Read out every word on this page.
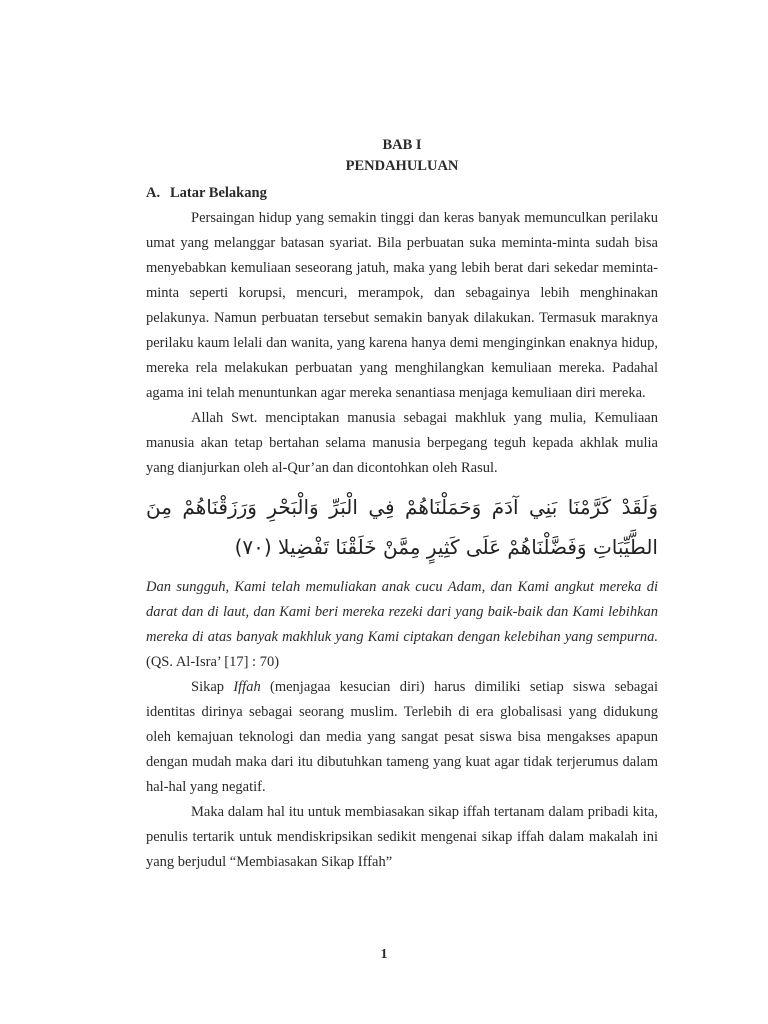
BAB I

PENDAHULUAN

A. Latar Belakang

Persaingan hidup yang semakin tinggi dan keras banyak memunculkan perilaku umat yang melanggar batasan syariat. Bila perbuatan suka meminta-minta sudah bisa menyebabkan kemuliaan seseorang jatuh, maka yang lebih berat dari sekedar meminta-minta seperti korupsi, mencuri, merampok, dan sebagainya lebih menghinakan pelakunya. Namun perbuatan tersebut semakin banyak dilakukan. Termasuk maraknya perilaku kaum lelali dan wanita, yang karena hanya demi menginginkan enaknya hidup, mereka rela melakukan perbuatan yang menghilangkan kemuliaan mereka. Padahal agama ini telah menuntunkan agar mereka senantiasa menjaga kemuliaan diri mereka.

Allah Swt. menciptakan manusia sebagai makhluk yang mulia, Kemuliaan manusia akan tetap bertahan selama manusia berpegang teguh kepada akhlak mulia yang dianjurkan oleh al-Qur’an dan dicontohkan oleh Rasul.

وَلَقَدْ كَرَّمْنَا بَنِي آدَمَ وَحَمَلْنَاهُمْ فِي الْبَرِّ وَالْبَحْرِ وَرَزَقْنَاهُمْ مِنَ الطَّيِّبَاتِ وَفَضَّلْنَاهُمْ عَلَى كَثِيرٍ مِمَّنْ خَلَقْنَا تَفْضِيلا (٧٠)

Dan sungguh, Kami telah memuliakan anak cucu Adam, dan Kami angkut mereka di darat dan di laut, dan Kami beri mereka rezeki dari yang baik-baik dan Kami lebihkan mereka di atas banyak makhluk yang Kami ciptakan dengan kelebihan yang sempurna. (QS. Al-Isra’ [17] : 70)

Sikap Iffah (menjagaa kesucian diri) harus dimiliki setiap siswa sebagai identitas dirinya sebagai seorang muslim. Terlebih di era globalisasi yang didukung oleh kemajuan teknologi dan media yang sangat pesat siswa bisa mengakses apapun dengan mudah maka dari itu dibutuhkan tameng yang kuat agar tidak terjerumus dalam hal-hal yang negatif.

Maka dalam hal itu untuk membiasakan sikap iffah tertanam dalam pribadi kita, penulis tertarik untuk mendiskripsikan sedikit mengenai sikap iffah dalam makalah ini yang berjudul “Membiasakan Sikap Iffah”

1
